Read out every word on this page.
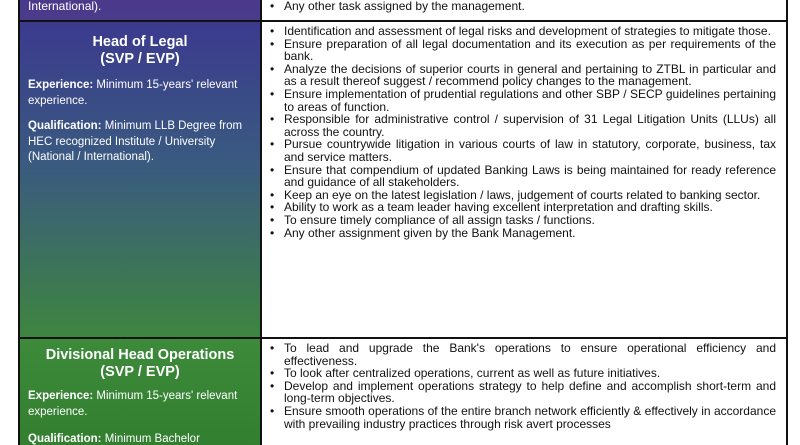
International).
•	Any other task assigned by the management.
Head of Legal
(SVP / EVP)
Experience: Minimum 15-years' relevant experience.
Qualification: Minimum LLB Degree from HEC recognized Institute / University (National / International).
• Identification and assessment of legal risks and development of strategies to mitigate those.
• Ensure preparation of all legal documentation and its execution as per requirements of the bank.
• Analyze the decisions of superior courts in general and pertaining to ZTBL in particular and as a result thereof suggest / recommend policy changes to the management.
• Ensure implementation of prudential regulations and other SBP / SECP guidelines pertaining to areas of function.
• Responsible for administrative control / supervision of 31 Legal Litigation Units (LLUs) all across the country.
• Pursue countrywide litigation in various courts of law in statutory, corporate, business, tax and service matters.
• Ensure that compendium of updated Banking Laws is being maintained for ready reference and guidance of all stakeholders.
• Keep an eye on the latest legislation / laws, judgement of courts related to banking sector.
• Ability to work as a team leader having excellent interpretation and drafting skills.
• To ensure timely compliance of all assign tasks / functions.
• Any other assignment given by the Bank Management.
Divisional Head Operations
(SVP / EVP)
Experience: Minimum 15-years' relevant experience.
Qualification: Minimum Bachelor
• To lead and upgrade the Bank's operations to ensure operational efficiency and effectiveness.
• To look after centralized operations, current as well as future initiatives.
• Develop and implement operations strategy to help define and accomplish short-term and long-term objectives.
• Ensure smooth operations of the entire branch network efficiently & effectively in accordance with prevailing industry practices through risk avert processes
